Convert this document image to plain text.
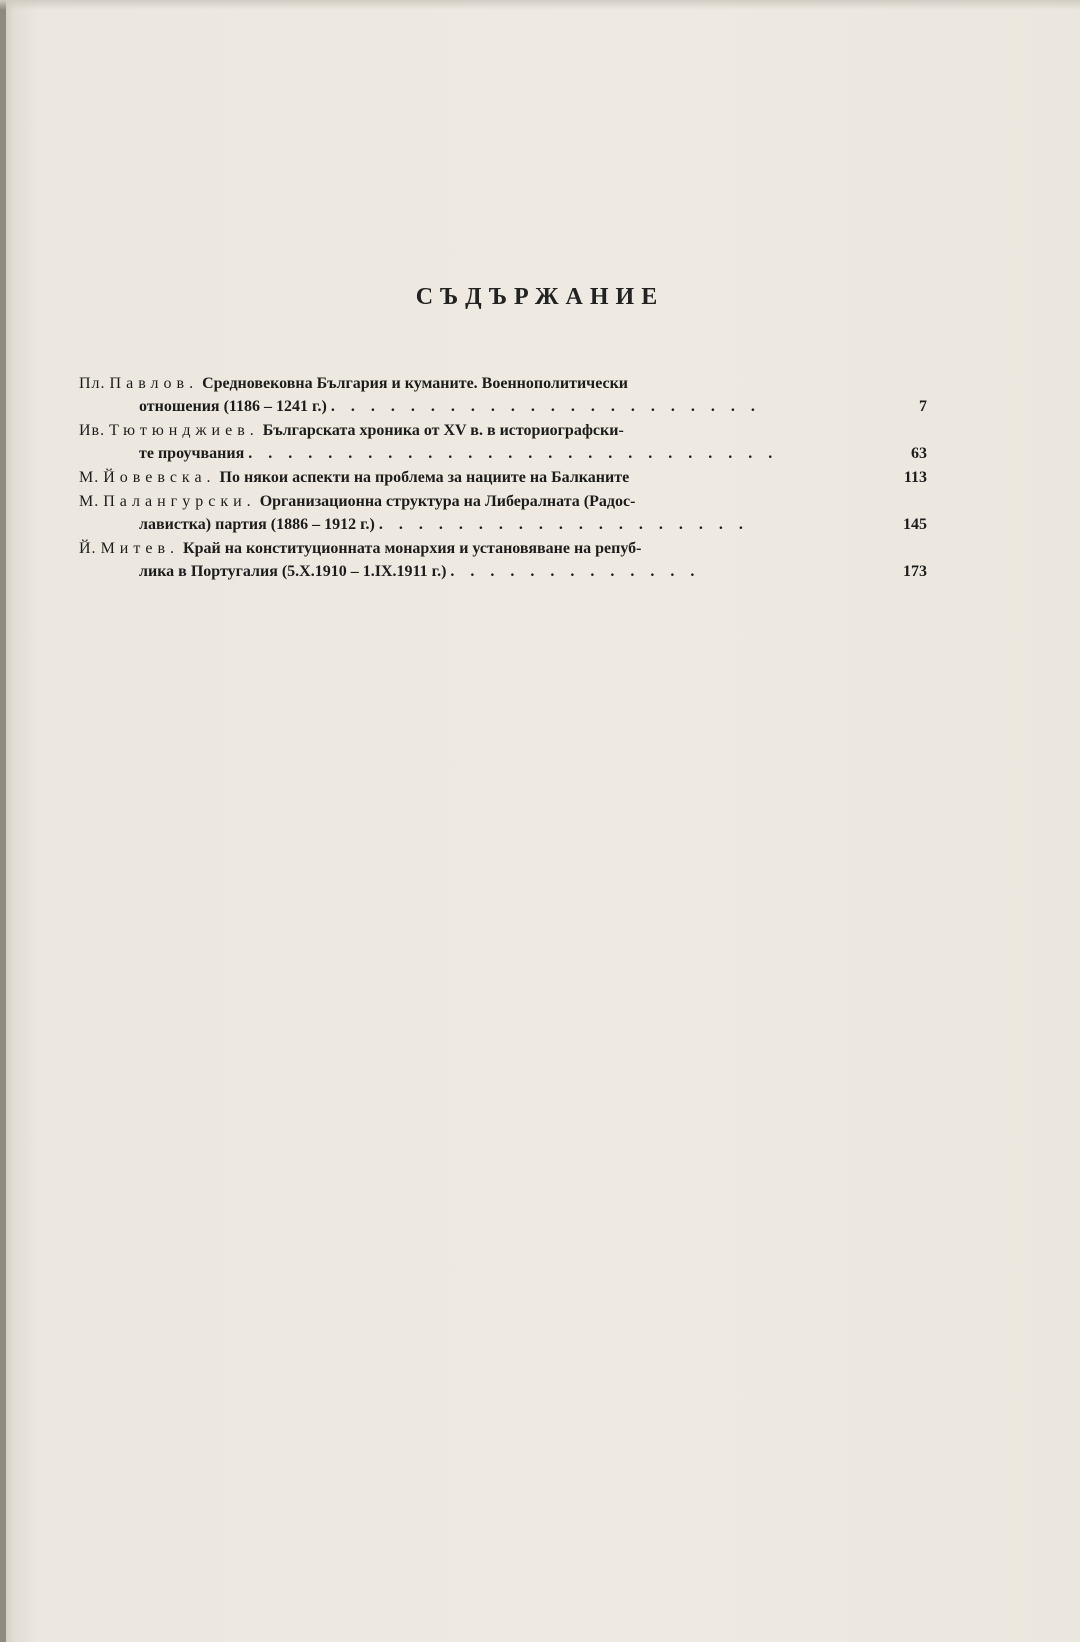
СЪДЪРЖАНИЕ
Пл. Павлов. Средновековна България и куманите. Военнополитически
отношения (1186 – 1241 г.) . . . . . . . . . . . . . . . . . . . . . .	7
Ив. Тютюнджиев. Българската хроника от XV в. в историографски-
те проучвания . . . . . . . . . . . . . . . . . . . . . . . . . . .	63
М. Йовевска. По някои аспекти на проблема за нациите на Балканите	113
М. Палангурски. Организационна структура на Либералната (Радос-
лавистка) партия (1886 – 1912 г.) . . . . . . . . . . . . . . . . . . .	145
Й. Митев. Край на конституционната монархия и установяване на репуб-
лика в Португалия (5.X.1910 – 1.IX.1911 г.) . . . . . . . . . . . . .	173
